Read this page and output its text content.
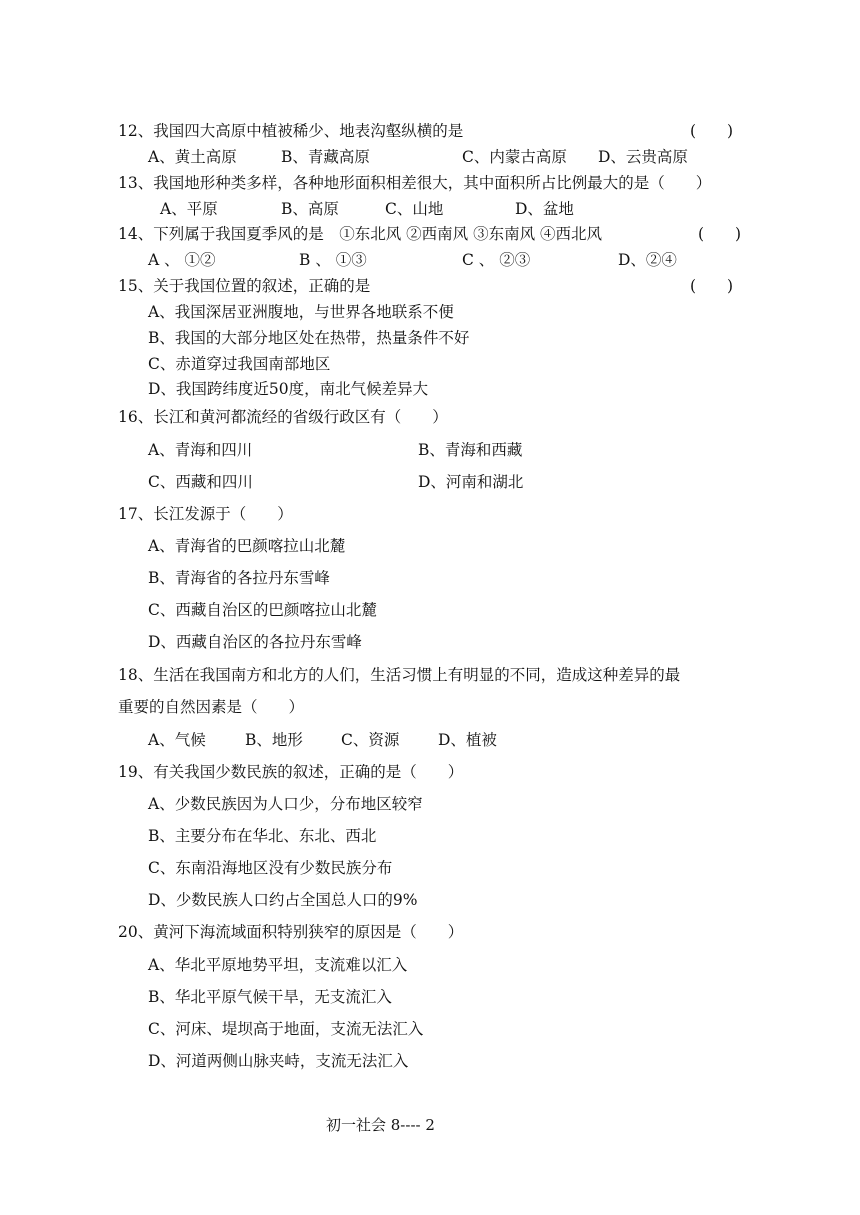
12、我国四大高原中植被稀少、地表沟壑纵横的是	(　　)
A、黄土高原	B、青藏高原	C、内蒙古高原 D、云贵高原
13、我国地形种类多样，各种地形面积相差很大，其中面积所占比例最大的是（　　）
A、平原	B、高原	C、山地	D、盆地
14、下列属于我国夏季风的是　①东北风 ②西南风 ③东南风 ④西北风	(　　)
A 、 ①②	B 、 ①③	C 、 ②③	D、②④
15、关于我国位置的叙述，正确的是	(　　)
A、我国深居亚洲腹地，与世界各地联系不便
B、我国的大部分地区处在热带，热量条件不好
C、赤道穿过我国南部地区
D、我国跨纬度近50度，南北气候差异大
16、长江和黄河都流经的省级行政区有（　　）
A、青海和四川	B、青海和西藏
C、西藏和四川	D、河南和湖北
17、长江发源于（　　）
A、青海省的巴颜喀拉山北麓
B、青海省的各拉丹东雪峰
C、西藏自治区的巴颜喀拉山北麓
D、西藏自治区的各拉丹东雪峰
18、生活在我国南方和北方的人们，生活习惯上有明显的不同，造成这种差异的最
重要的自然因素是（　　）
A、气候	B、地形 C、资源 D、植被
19、有关我国少数民族的叙述，正确的是（　　）
A、少数民族因为人口少，分布地区较窄
B、主要分布在华北、东北、西北
C、东南沿海地区没有少数民族分布
D、少数民族人口约占全国总人口的9%
20、黄河下海流域面积特别狭窄的原因是（　　）
A、华北平原地势平坦，支流难以汇入
B、华北平原气候干旱，无支流汇入
C、河床、堤坝高于地面，支流无法汇入
D、河道两侧山脉夹峙，支流无法汇入
初一社会 8---- 2
